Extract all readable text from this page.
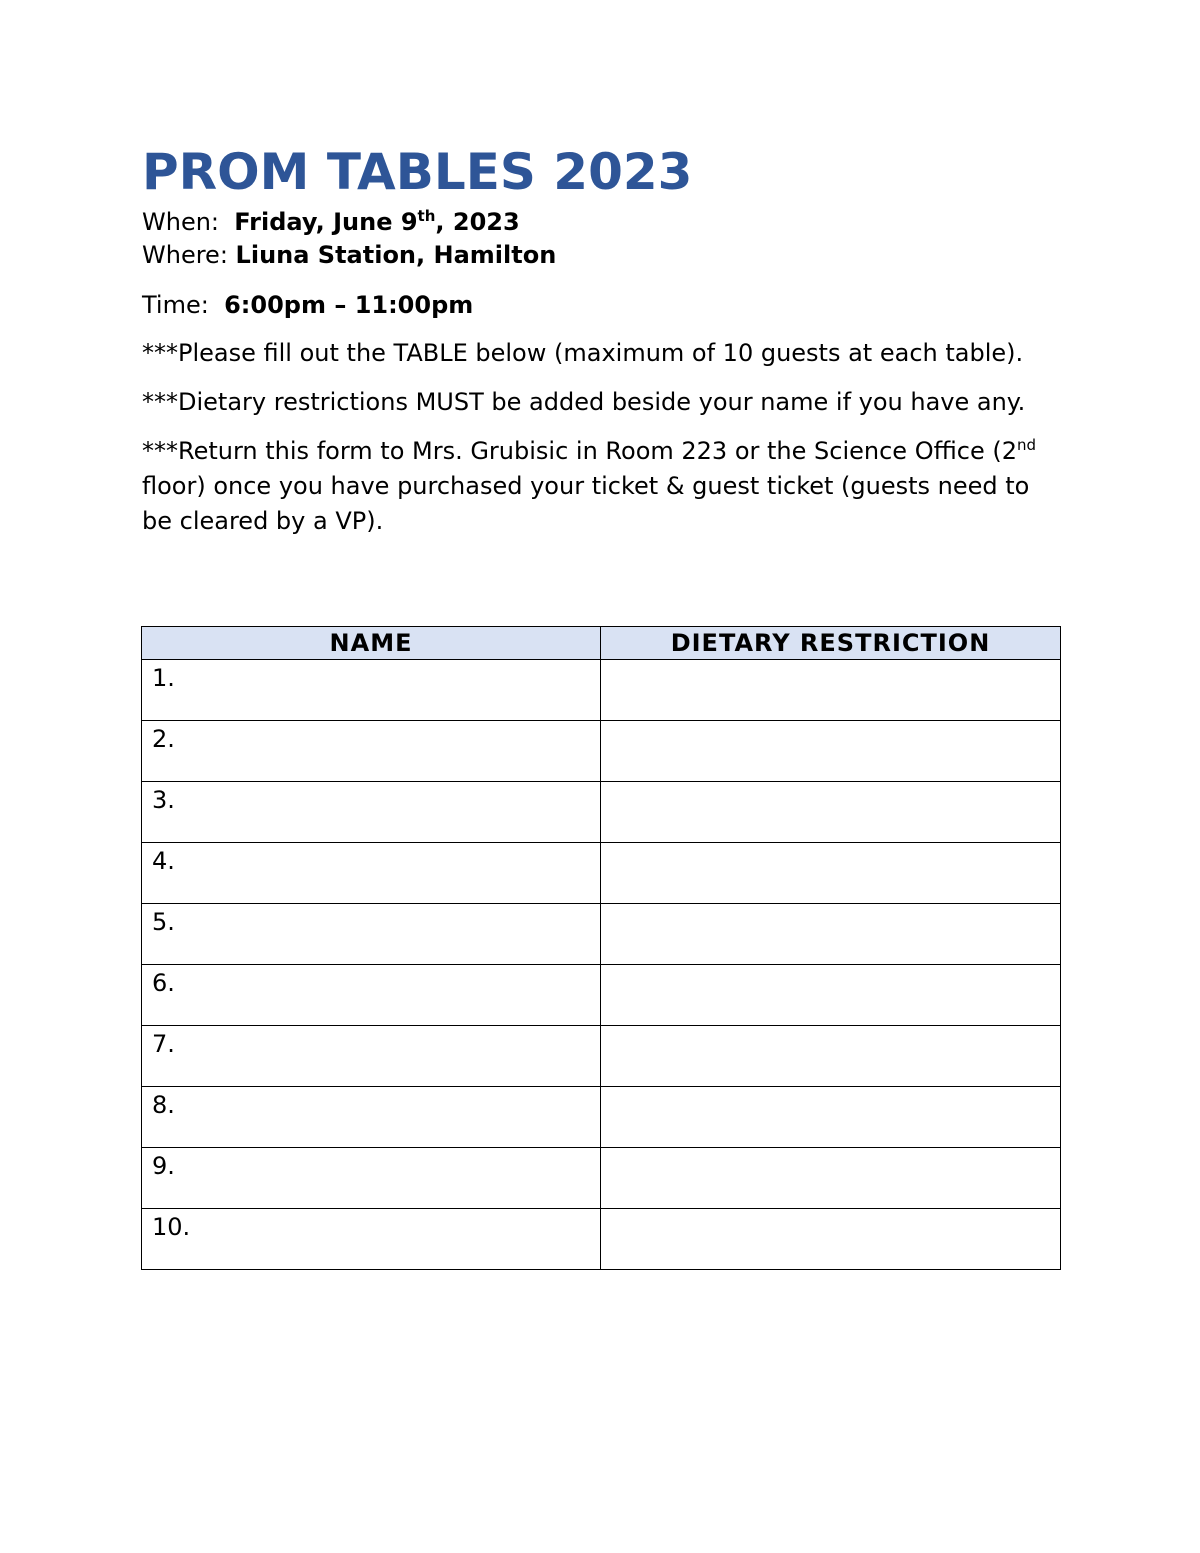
PROM TABLES 2023

When: Friday, June 9th, 2023

Where: Liuna Station, Hamilton

Time: 6:00pm – 11:00pm

***Please fill out the TABLE below (maximum of 10 guests at each table).

***Dietary restrictions MUST be added beside your name if you have any.

***Return this form to Mrs. Grubisic in Room 223 or the Science Office (2nd floor) once you have purchased your ticket & guest ticket (guests need to be cleared by a VP).

NAME	DIETARY RESTRICTION
1.	
2.	
3.	
4.	
5.	
6.	
7.	
8.	
9.	
10.	
